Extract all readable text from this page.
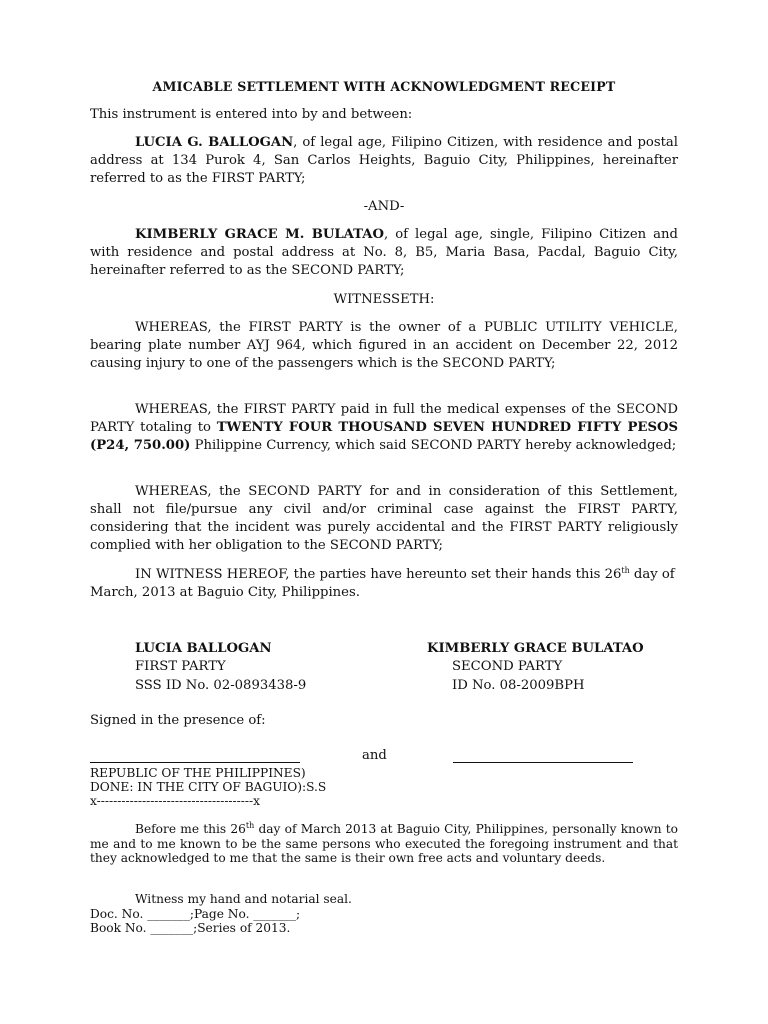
AMICABLE SETTLEMENT WITH ACKNOWLEDGMENT RECEIPT
This instrument is entered into by and between:
LUCIA G. BALLOGAN, of legal age, Filipino Citizen, with residence and postal address at 134 Purok 4, San Carlos Heights, Baguio City, Philippines, hereinafter referred to as the FIRST PARTY;
-AND-
KIMBERLY GRACE M. BULATAO, of legal age, single, Filipino Citizen and with residence and postal address at No. 8, B5, Maria Basa, Pacdal, Baguio City, hereinafter referred to as the SECOND PARTY;
WITNESSETH:
WHEREAS, the FIRST PARTY is the owner of a PUBLIC UTILITY VEHICLE, bearing plate number AYJ 964, which figured in an accident on December 22, 2012 causing injury to one of the passengers which is the SECOND PARTY;
WHEREAS, the FIRST PARTY paid in full the medical expenses of the SECOND PARTY totaling to TWENTY FOUR THOUSAND SEVEN HUNDRED FIFTY PESOS (P24, 750.00) Philippine Currency, which said SECOND PARTY hereby acknowledged;
WHEREAS, the SECOND PARTY for and in consideration of this Settlement, shall not file/pursue any civil and/or criminal case against the FIRST PARTY, considering that the incident was purely accidental and the FIRST PARTY religiously complied with her obligation to the SECOND PARTY;
IN WITNESS HEREOF, the parties have hereunto set their hands this 26th day of March, 2013 at Baguio City, Philippines.
LUCIA BALLOGAN
FIRST PARTY
SSS ID No. 02-0893438-9
KIMBERLY GRACE BULATAO
SECOND PARTY
ID No. 08-2009BPH
Signed in the presence of:
and
REPUBLIC OF THE PHILIPPINES)
DONE: IN THE CITY OF BAGUIO):S.S
x--------------------------------------x
Before me this 26th day of March 2013 at Baguio City, Philippines, personally known to me and to me known to be the same persons who executed the foregoing instrument and that they acknowledged to me that the same is their own free acts and voluntary deeds.
Witness my hand and notarial seal.
Doc. No. _______;Page No. _______;
Book No. _______;Series of 2013.
